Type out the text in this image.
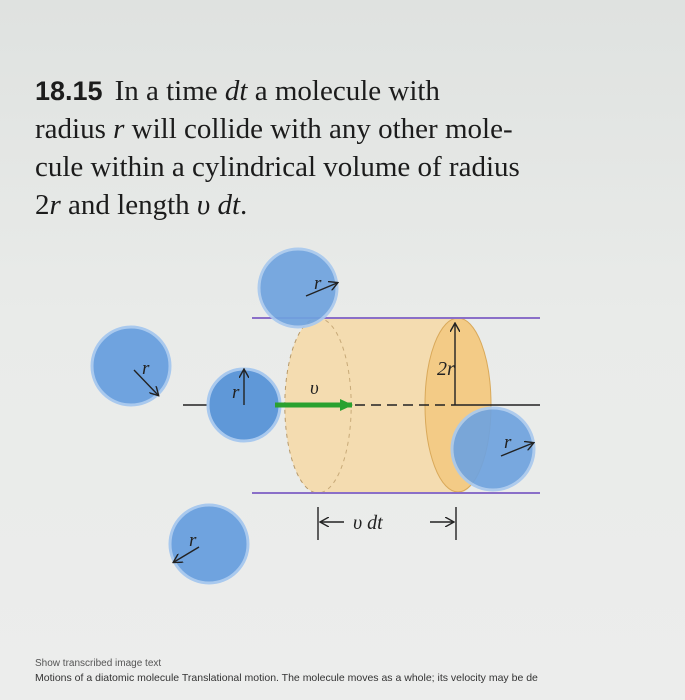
18.15 In a time dt a molecule with
radius r will collide with any other mole-
cule within a cylindrical volume of radius
2r and length υ dt.
r
r
r	υ
2r
r
r
υ dt
Show transcribed image text
Motions of a diatomic molecule Translational motion. The molecule moves as a whole; its velocity may be de
